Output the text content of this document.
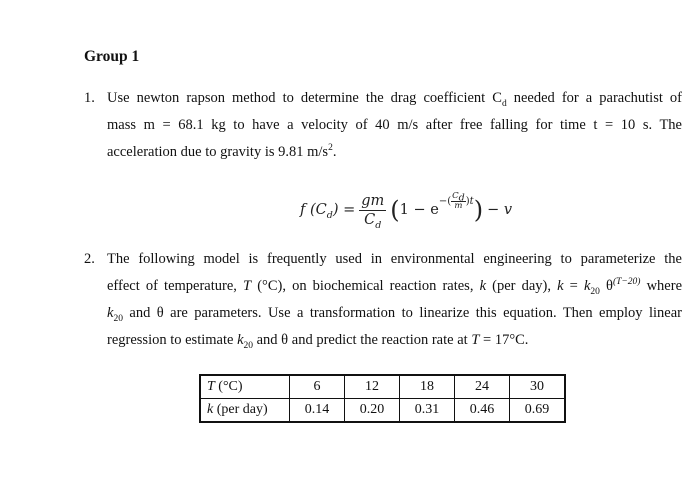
Group 1
1. Use newton rapson method to determine the drag coefficient $C_d$ needed for a parachutist of
mass m = 68.1 kg to have a velocity of 40 m/s after free falling for time t = 10 s. The
acceleration due to gravity is 9.81 $m/s^2$.
f $(C_d) = \frac{gm}{C_d}$ ( 1 − e
−( $\frac{C_d}{m} )t$ ) − v
2. The following model is frequently used in environmental engineering to parameterize the
effect of temperature, T (°C), on biochemical reaction rates, k (per day), $k = k_{20}$ $\theta^{(T-20)}$ where
$k_{20}$ and θ are parameters. Use a transformation to linearize this equation. Then employ linear
regression to estimate $k_{20}$ and θ and predict the reaction rate at T = 17°C.
T (°C)	6	12	18	24	30
k (per day)	0.14	0.20	0.31	0.46	0.69
